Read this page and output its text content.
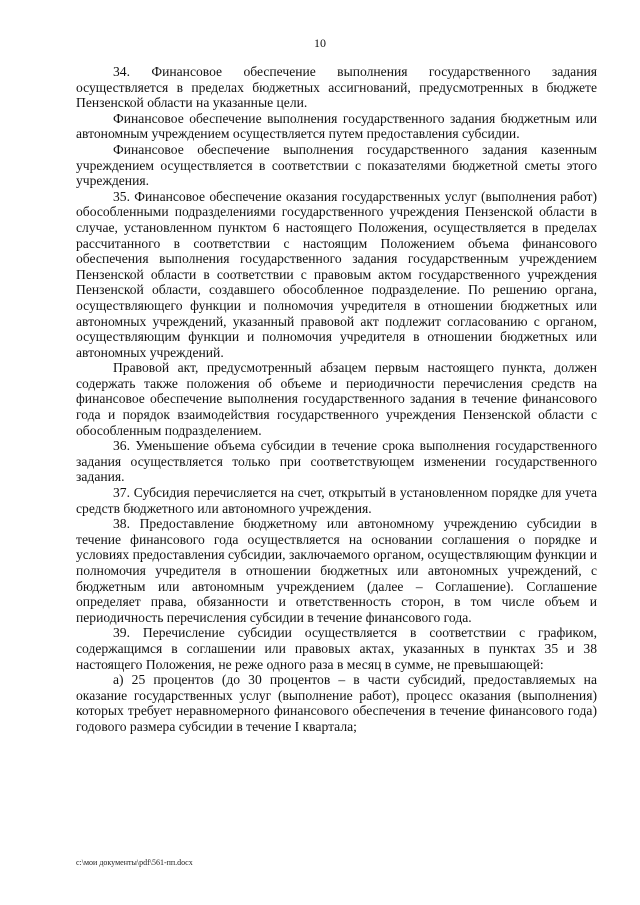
10

34. Финансовое обеспечение выполнения государственного задания осуществляется в пределах бюджетных ассигнований, предусмотренных в бюджете Пензенской области на указанные цели.

Финансовое обеспечение выполнения государственного задания бюджетным или автономным учреждением осуществляется путем предоставления субсидии.

Финансовое обеспечение выполнения государственного задания казенным учреждением осуществляется в соответствии с показателями бюджетной сметы этого учреждения.

35. Финансовое обеспечение оказания государственных услуг (выполнения работ) обособленными подразделениями государственного учреждения Пензенской области в случае, установленном пунктом 6 настоящего Положения, осуществляется в пределах рассчитанного в соответствии с настоящим Положением объема финансового обеспечения выполнения государственного задания государственным учреждением Пензенской области в соответствии с правовым актом государственного учреждения Пензенской области, создавшего обособленное подразделение. По решению органа, осуществляющего функции и полномочия учредителя в отношении бюджетных или автономных учреждений, указанный правовой акт подлежит согласованию с органом, осуществляющим функции и полномочия учредителя в отношении бюджетных или автономных учреждений.

Правовой акт, предусмотренный абзацем первым настоящего пункта, должен содержать также положения об объеме и периодичности перечисления средств на финансовое обеспечение выполнения государственного задания в течение финансового года и порядок взаимодействия государственного учреждения Пензенской области с обособленным подразделением.

36. Уменьшение объема субсидии в течение срока выполнения государственного задания осуществляется только при соответствующем изменении государственного задания.

37. Субсидия перечисляется на счет, открытый в установленном порядке для учета средств бюджетного или автономного учреждения.

38. Предоставление бюджетному или автономному учреждению субсидии в течение финансового года осуществляется на основании соглашения о порядке и условиях предоставления субсидии, заключаемого органом, осуществляющим функции и полномочия учредителя в отношении бюджетных или автономных учреждений, с бюджетным или автономным учреждением (далее – Соглашение). Соглашение определяет права, обязанности и ответственность сторон, в том числе объем и периодичность перечисления субсидии в течение финансового года.

39. Перечисление субсидии осуществляется в соответствии с графиком, содержащимся в соглашении или правовых актах, указанных в пунктах 35 и 38 настоящего Положения, не реже одного раза в месяц в сумме, не превышающей:

а) 25 процентов (до 30 процентов – в части субсидий, предоставляемых на оказание государственных услуг (выполнение работ), процесс оказания (выполнения) которых требует неравномерного финансового обеспечения в течение финансового года) годового размера субсидии в течение I квартала;

c:\мои документы\pdf\561-пп.docx
